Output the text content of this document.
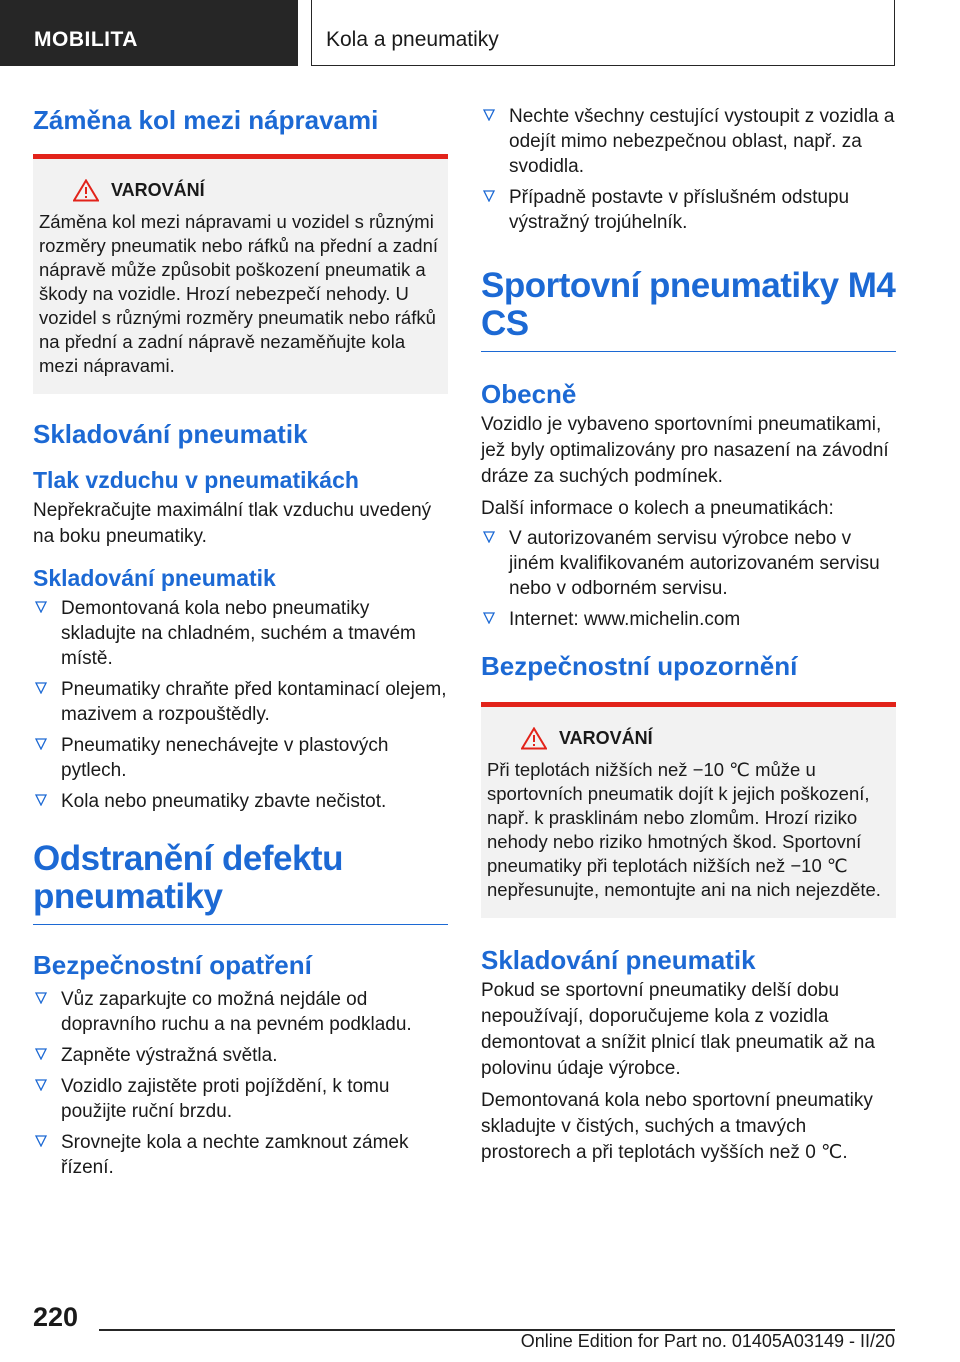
MOBILITA	Kola a pneumatiky
Záměna kol mezi nápravami
VAROVÁNÍ
Záměna kol mezi nápravami u vozidel s různými rozměry pneumatik nebo ráfků na přední a zadní nápravě může způsobit poškození pneumatik a škody na vozidle. Hrozí nebezpečí nehody. U vozidel s různými rozměry pneumatik nebo ráfků na přední a zadní nápravě nezaměňujte kola mezi nápravami.
Skladování pneumatik
Tlak vzduchu v pneumatikách

Nepřekračujte maximální tlak vzduchu uvedený na boku pneumatiky.

Skladování pneumatik
Demontovaná kola nebo pneumatiky skladujte na chladném, suchém a tmavém místě.
Pneumatiky chraňte před kontaminací olejem, mazivem a rozpouštědly.
Pneumatiky nenechávejte v plastových pytlech.
Kola nebo pneumatiky zbavte nečistot.
Odstranění defektu pneumatiky
Bezpečnostní opatření
Vůz zaparkujte co možná nejdále od dopravního ruchu a na pevném podkladu.
Zapněte výstražná světla.
Vozidlo zajistěte proti pojíždění, k tomu použijte ruční brzdu.
Srovnejte kola a nechte zamknout zámek řízení.
Nechte všechny cestující vystoupit z vozidla a odejít mimo nebezpečnou oblast, např. za svodidla.
Případně postavte v příslušném odstupu výstražný trojúhelník.
Sportovní pneumatiky M4 CS
Obecně

Vozidlo je vybaveno sportovními pneumatikami, jež byly optimalizovány pro nasazení na závodní dráze za suchých podmínek.

Další informace o kolech a pneumatikách:

V autorizovaném servisu výrobce nebo v jiném kvalifikovaném autorizovaném servisu nebo v odborném servisu.
Internet: www.michelin.com
Bezpečnostní upozornění
VAROVÁNÍ
Při teplotách nižších než −10 ℃ může u sportovních pneumatik dojít k jejich poškození, např. k prasklinám nebo zlomům. Hrozí riziko nehody nebo riziko hmotných škod. Sportovní pneumatiky při teplotách nižších než −10 ℃ nepřesunujte, nemontujte ani na nich nejezděte.
Skladování pneumatik

Pokud se sportovní pneumatiky delší dobu nepoužívají, doporučujeme kola z vozidla demontovat a snížit plnicí tlak pneumatik až na polovinu údaje výrobce.

Demontovaná kola nebo sportovní pneumatiky skladujte v čistých, suchých a tmavých prostorech a při teplotách vyšších než 0 ℃.

220
Online Edition for Part no. 01405A03149 - II/20
